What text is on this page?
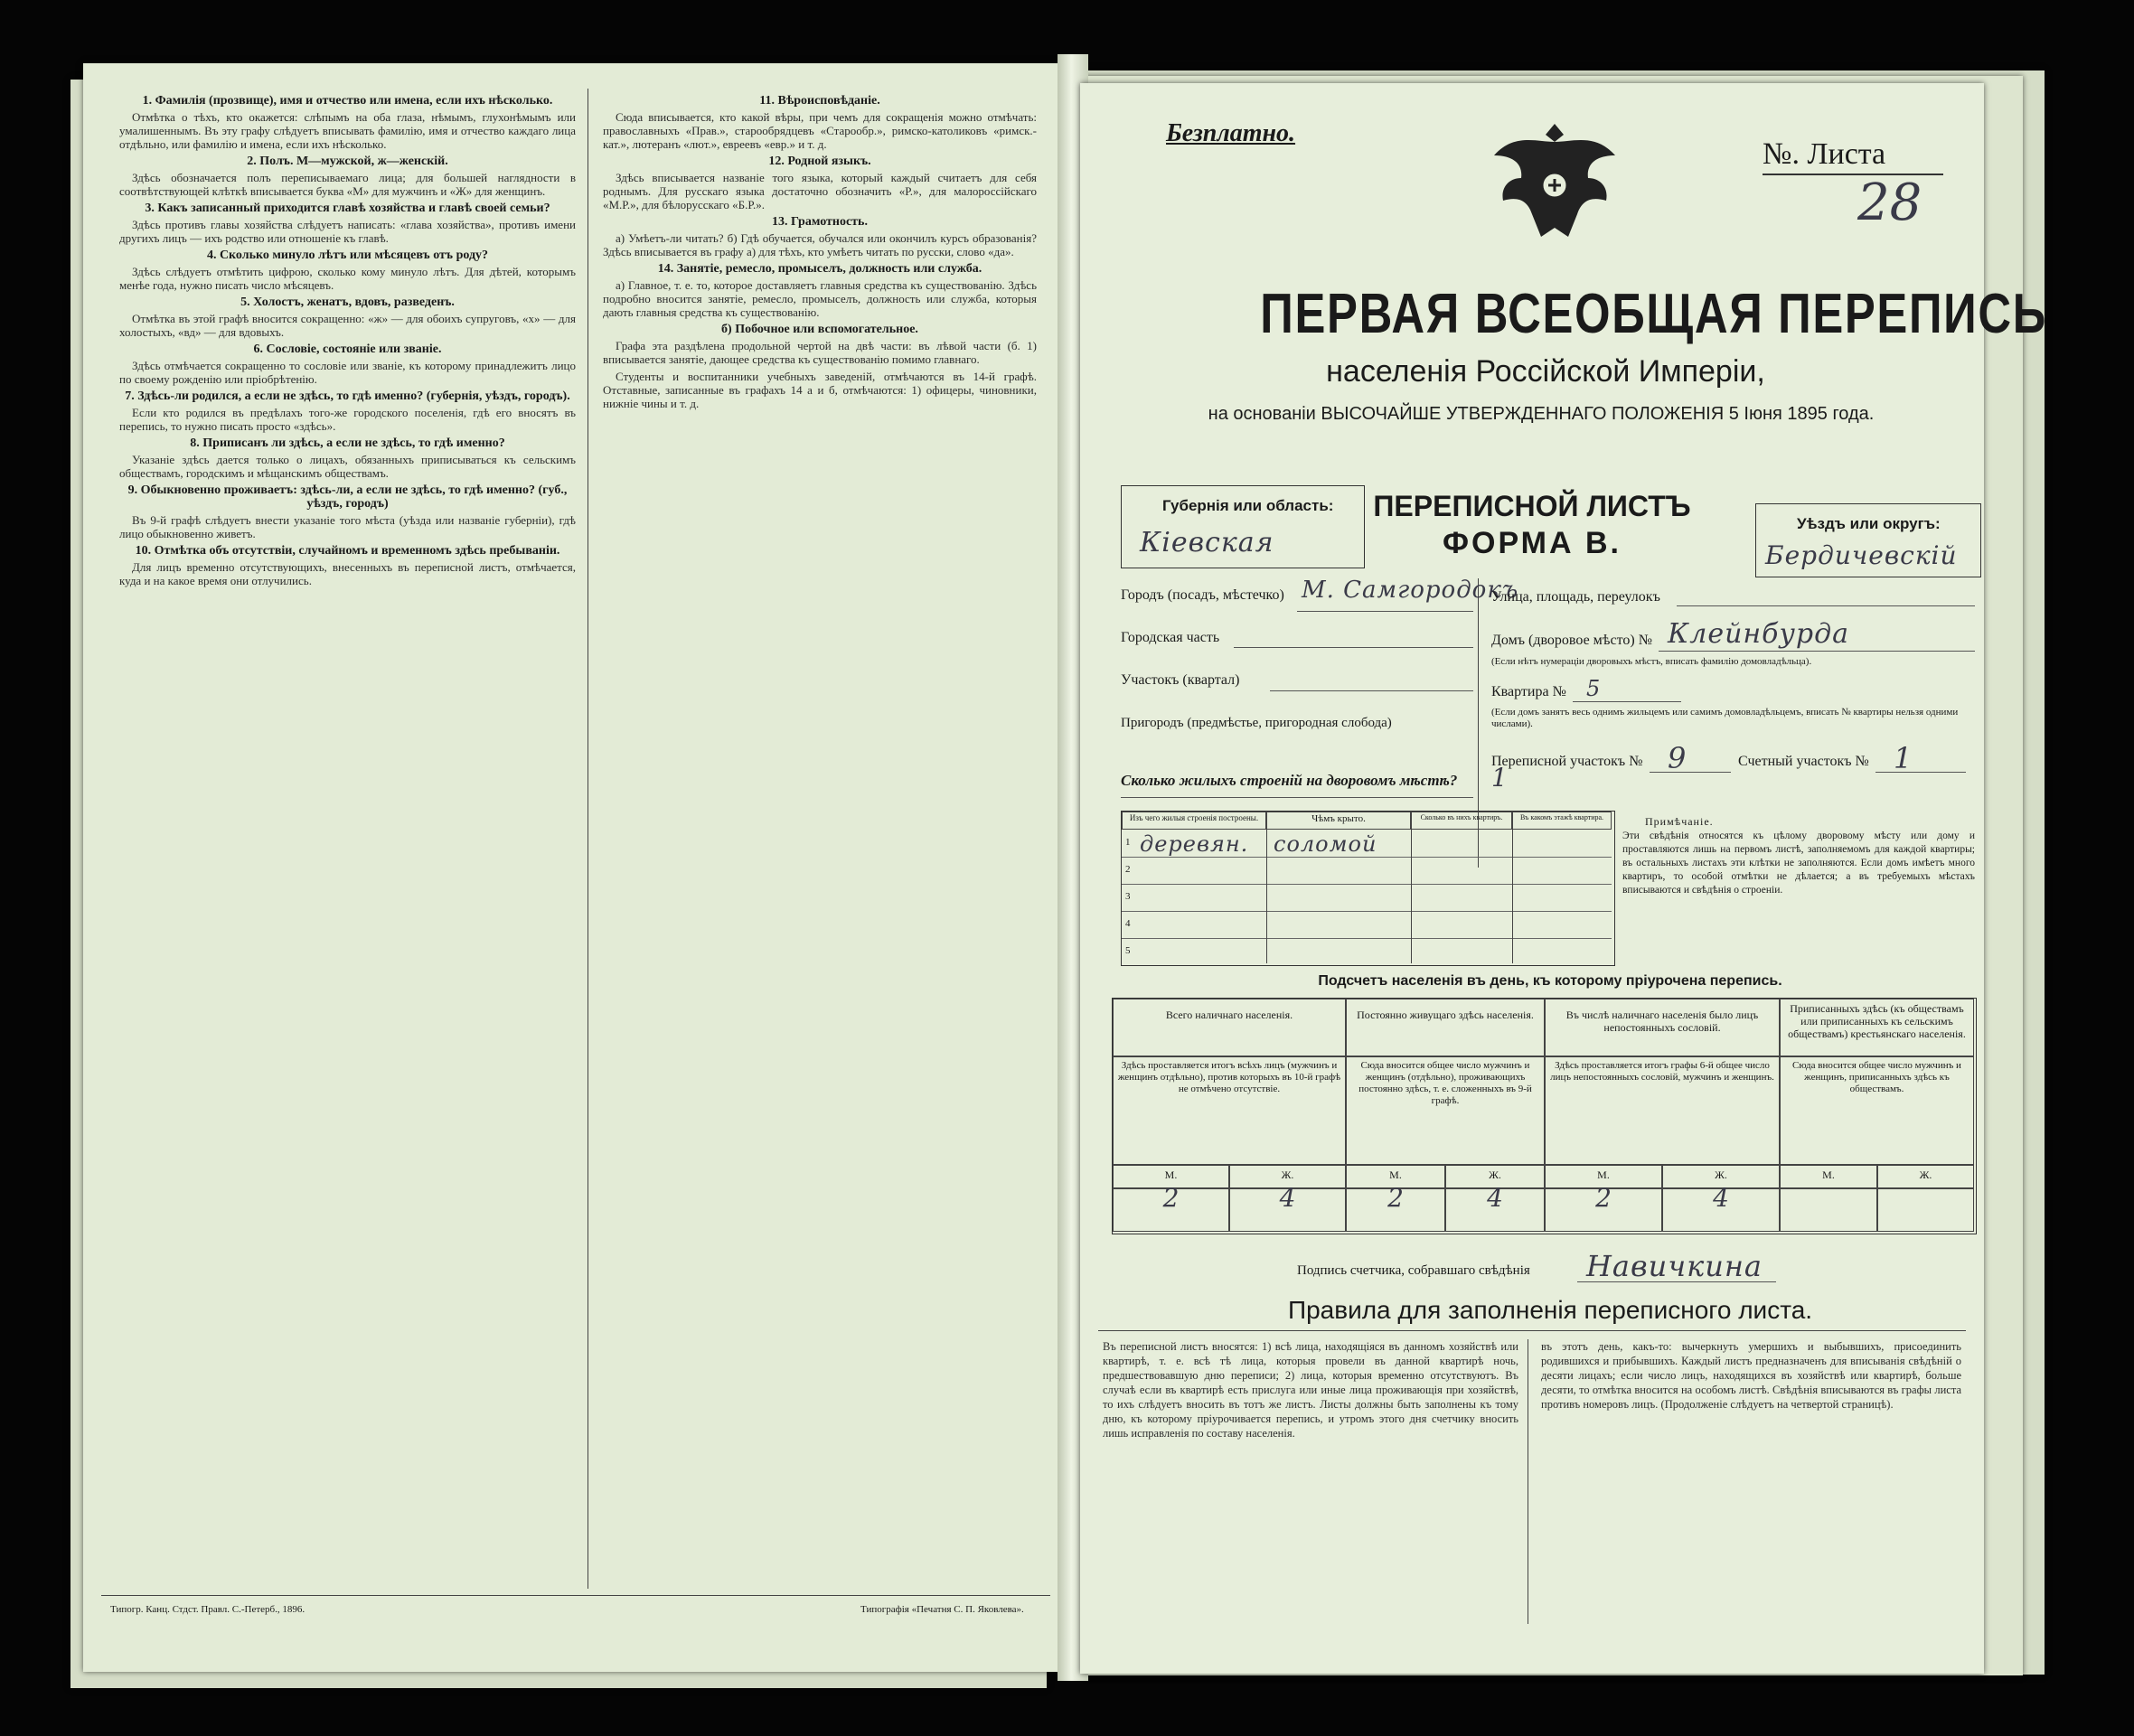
1. Фамилія (прозвище), имя и отчество или имена, если ихъ нѣсколько.

Отмѣтка о тѣхъ, кто окажется: слѣпымъ на оба глаза, нѣмымъ, глухонѣмымъ или умалишеннымъ. Въ эту графу слѣдуетъ вписывать фамилію, имя и отчество каждаго лица отдѣльно, или фамилію и имена, если ихъ нѣсколько.

2. Полъ. М—мужской, ж—женскій.

Здѣсь обозначается полъ переписываемаго лица; для большей наглядности в соотвѣтствующей клѣткѣ вписывается буква «М» для мужчинъ и «Ж» для женщинъ.

3. Какъ записанный приходится главѣ хозяйства и главѣ своей семьи?

Здѣсь противъ главы хозяйства слѣдуетъ написать: «глава хозяйства», противъ имени другихъ лицъ — ихъ родство или отношеніе къ главѣ.

4. Сколько минуло лѣтъ или мѣсяцевъ отъ роду?

Здѣсь слѣдуетъ отмѣтить цифрою, сколько кому минуло лѣтъ. Для дѣтей, которымъ менѣе года, нужно писать число мѣсяцевъ.

5. Холостъ, женатъ, вдовъ, разведенъ.

Отмѣтка въ этой графѣ вносится сокращенно: «ж» — для обоихъ супруговъ, «х» — для холостыхъ, «вд» — для вдовыхъ.

6. Сословіе, состояніе или званіе.

Здѣсь отмѣчается сокращенно то сословіе или званіе, къ которому принадлежитъ лицо по своему рожденію или пріобрѣтенію.

7. Здѣсь-ли родился, а если не здѣсь, то гдѣ именно? (губернія, уѣздъ, городъ).

Если кто родился въ предѣлахъ того-же городского поселенія, гдѣ его вносятъ въ перепись, то нужно писать просто «здѣсь».

8. Приписанъ ли здѣсь, а если не здѣсь, то гдѣ именно?

Указаніе здѣсь дается только о лицахъ, обязанныхъ приписываться къ сельскимъ обществамъ, городскимъ и мѣщанскимъ обществамъ.

9. Обыкновенно проживаетъ: здѣсь-ли, а если не здѣсь, то гдѣ именно? (губ., уѣздъ, городъ)

Въ 9-й графѣ слѣдуетъ внести указаніе того мѣста (уѣзда или названіе губерніи), гдѣ лицо обыкновенно живетъ.

10. Отмѣтка объ отсутствіи, случайномъ и временномъ здѣсь пребываніи.

Для лицъ временно отсутствующихъ, внесенныхъ въ переписной листъ, отмѣчается, куда и на какое время они отлучились.

11. Вѣроисповѣданіе.

Сюда вписывается, кто какой вѣры, при чемъ для сокращенія можно отмѣчать: православныхъ «Прав.», старообрядцевъ «Старообр.», римско-католиковъ «римск.-кат.», лютеранъ «лют.», евреевъ «евр.» и т. д.

12. Родной языкъ.

Здѣсь вписывается названіе того языка, который каждый считаетъ для себя роднымъ. Для русскаго языка достаточно обозначить «Р.», для малороссійскаго «М.Р.», для бѣлорусскаго «Б.Р.».

13. Грамотность.

а) Умѣетъ-ли читать? б) Гдѣ обучается, обучался или окончилъ курсъ образованія? Здѣсь вписывается въ графу а) для тѣхъ, кто умѣетъ читать по русски, слово «да».

14. Занятіе, ремесло, промыселъ, должность или служба.

а) Главное, т. е. то, которое доставляетъ главныя средства къ существованію. Здѣсь подробно вносится занятіе, ремесло, промыселъ, должность или служба, которыя дають главныя средства къ существованію.

б) Побочное или вспомогательное.

Графа эта раздѣлена продольной чертой на двѣ части: въ лѣвой части (б. 1) вписывается занятіе, дающее средства къ существованію помимо главнаго.

Студенты и воспитанники учебныхъ заведеній, отмѣчаются въ 14-й графѣ. Отставные, записанные въ графахъ 14 а и б, отмѣчаются: 1) офицеры, чиновники, нижніе чины и т. д.

Типогр. Канц. Стдст. Правл. С.-Петерб., 1896.	Типографія «Печатня С. П. Яковлева».
Безплатно.
№. Листа
28
ПЕРВАЯ ВСЕОБЩАЯ ПЕРЕПИСЬ
населенія Россійской Имперіи,
на основаніи ВЫСОЧАЙШЕ УТВЕРЖДЕННАГО ПОЛОЖЕНІЯ 5 Іюня 1895 года.
Губернія или область:
Кіевская
ПЕРЕПИСНОЙ ЛИСТЪ
ФОРМА В.
Уѣздъ или округъ:
Бердичевскій
Городъ (посадъ, мѣстечко) М. Самгородокъ
Городская часть
Участокъ (квартал)
Пригородъ (предмѣстье, пригородная слобода)
Улица, площадь, переулокъ
Домъ (дворовое мѣсто) № Клейнбурда
(Если нѣтъ нумераціи дворовыхъ мѣстъ, вписать фамилію домовладѣльца).
Квартира № 5
(Если домъ занятъ весь однимъ жильцемъ или самимъ домовладѣльцемъ, вписать № квартиры нельзя одними числами).
Переписной участокъ № 9	Счетный участокъ № 1
Сколько жилыхъ строеній на дворовомъ мѣстѣ? 1
Изъ чего жилыя строенія построены.	Чѣмъ крыто.	Сколько въ нихъ квартиръ.	Въ какомъ этажѣ квартира.
1 деревян. соломой
2
3
4
5
Примѣчаніе.
Эти свѣдѣнія относятся къ цѣлому дворовому мѣсту или дому и проставляются лишь на первомъ листѣ, заполняемомъ для каждой квартиры; въ остальныхъ листахъ эти клѣтки не заполняются. Если домъ имѣетъ много квартиръ, то особой отмѣтки не дѣлается; а въ требуемыхъ мѣстахъ вписываются и свѣдѣнія о строеніи.
Подсчетъ населенія въ день, къ которому пріурочена перепись.
Всего наличнаго населенія.	Постоянно живущаго здѣсь населенія.	Въ числѣ наличнаго населенія было лицъ непостоянныхъ сословій.
Приписанныхъ здѣсь (къ обществамъ или приписанныхъ къ сельскимъ обществамъ) крестьянскаго населенія.
Здѣсь проставляется итогъ всѣхъ лицъ (мужчинъ и женщинъ отдѣльно), против которыхъ въ 10-й графѣ не отмѣчено отсутствіе.
Сюда вносится общее число мужчинъ и женщинъ (отдѣльно), проживающихъ постоянно здѣсь, т. е. сложенныхъ въ 9-й графѣ.
Здѣсь проставляется итогъ графы 6-й общее число лицъ непостоянныхъ сословій, мужчинъ и женщинъ.
Сюда вносится общее число мужчинъ и женщинъ, приписанныхъ здѣсь къ обществамъ.
М.	Ж.	М.	Ж.	М.	Ж.	М.	Ж.
2	4	2	4	2	4
Подпись счетчика, собравшаго свѣдѣнія Навичкина
Правила для заполненія переписного листа.
Въ переписной листъ вносятся: 1) всѣ лица, находящіяся въ данномъ хозяйствѣ или квартирѣ, т. е. всѣ тѣ лица, которыя провели въ данной квартирѣ ночь, предшествовавшую дню переписи; 2) лица, которыя временно отсутствуютъ. Въ случаѣ если въ квартирѣ есть прислуга или иные лица проживающія при хозяйствѣ, то ихъ слѣдуетъ вносить въ тотъ же листъ. Листы должны быть заполнены къ тому дню, къ которому пріурочивается перепись, и утромъ этого дня счетчику вносить лишь исправленія по составу населенія.
въ этотъ день, какъ-то: вычеркнуть умершихъ и выбывшихъ, присоединить родившихся и прибывшихъ. Каждый листъ предназначенъ для вписыванія свѣдѣній о десяти лицахъ; если число лицъ, находящихся въ хозяйствѣ или квартирѣ, больше десяти, то отмѣтка вносится на особомъ листѣ. Свѣдѣнія вписываются въ графы листа противъ номеровъ лицъ. (Продолженіе слѣдуетъ на четвертой страницѣ).
